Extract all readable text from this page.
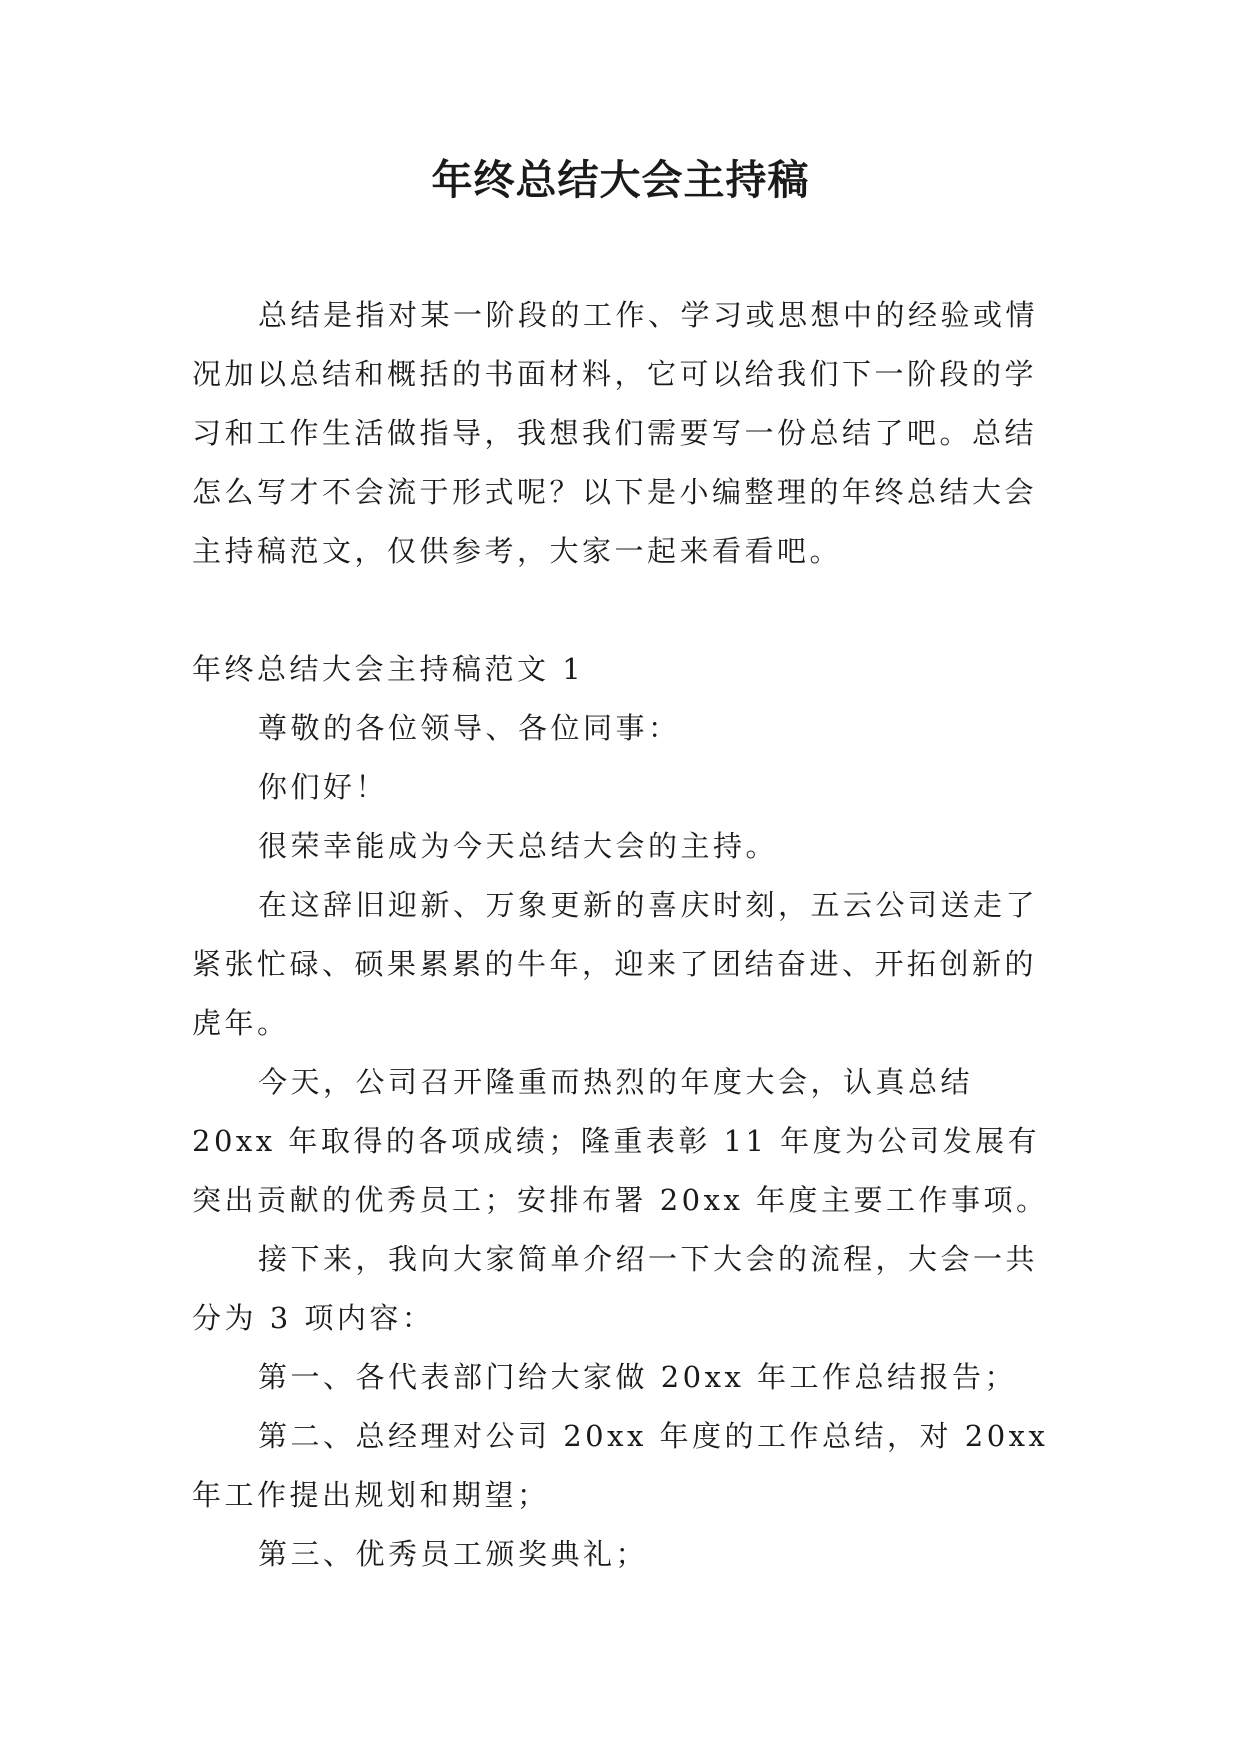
年终总结大会主持稿

总结是指对某一阶段的工作、学习或思想中的经验或情况加以总结和概括的书面材料，它可以给我们下一阶段的学习和工作生活做指导，我想我们需要写一份总结了吧。总结怎么写才不会流于形式呢？以下是小编整理的年终总结大会主持稿范文，仅供参考，大家一起来看看吧。

年终总结大会主持稿范文 1

尊敬的各位领导、各位同事：

你们好！

很荣幸能成为今天总结大会的主持。

在这辞旧迎新、万象更新的喜庆时刻，五云公司送走了紧张忙碌、硕果累累的牛年，迎来了团结奋进、开拓创新的虎年。

今天，公司召开隆重而热烈的年度大会，认真总结 20xx 年取得的各项成绩；隆重表彰 11 年度为公司发展有突出贡献的优秀员工；安排布署 20xx 年度主要工作事项。

接下来，我向大家简单介绍一下大会的流程，大会一共分为 3 项内容：

第一、各代表部门给大家做 20xx 年工作总结报告；

第二、总经理对公司 20xx 年度的工作总结，对 20xx 年工作提出规划和期望；

第三、优秀员工颁奖典礼；
